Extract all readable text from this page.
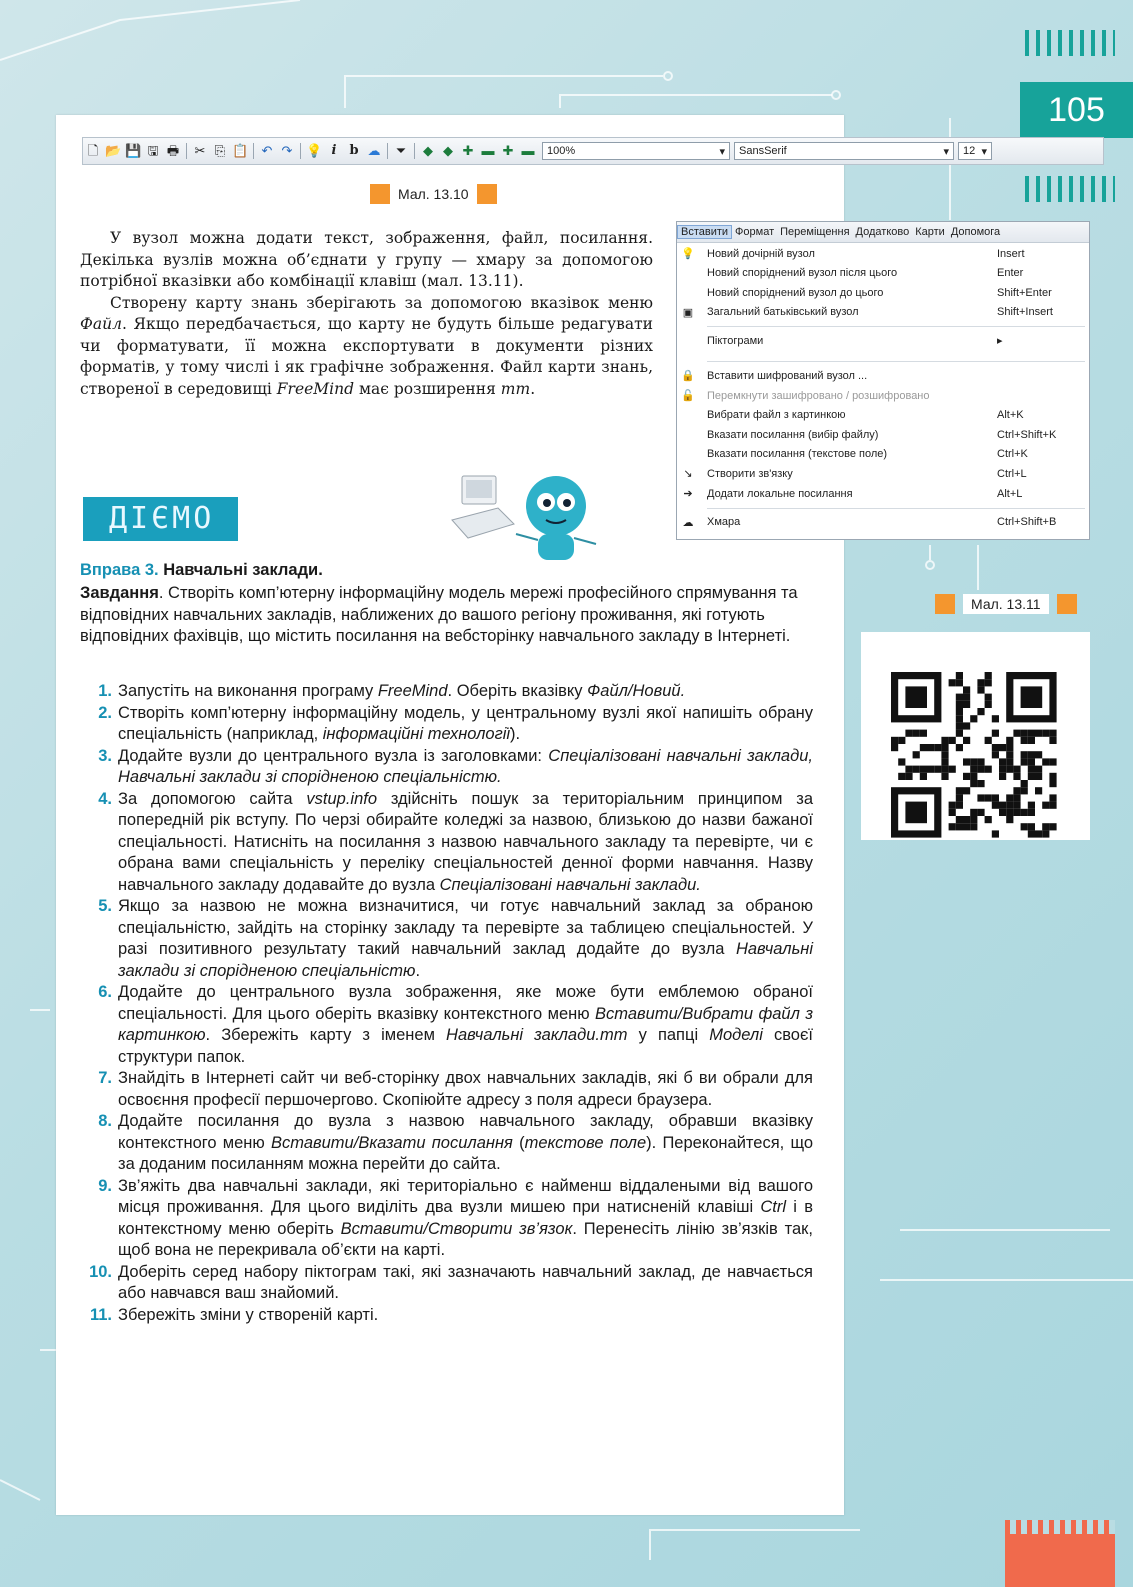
105
🗋 📂 💾 🖫 🖶 ✂ ⎘ 📋 ↶ ↷ 💡 i b ☁ ⏷ ◆ ◆ ✚ ▬ ✚ ▬ 100%	▾ SansSerif	▾ 12 ▾
Мал. 13.10

У вузол можна додати текст, зображення, файл, посилання. Декілька вузлів можна об’єднати у групу — хмару за допомогою потрібної вказівки або комбінації клавіш (мал. 13.11).

Створену карту знань зберігають за допомогою вказівок меню Файл. Якщо передбачається, що карту не будуть більше редагувати чи форматувати, її можна експортувати в документи різних форматів, у тому числі і як графічне зображення. Файл карти знань, створеної в середовищі FreeMind має розширення mm.

Вставити Формат Переміщення Додатково Карти Допомога
💡	Новий дочірній вузол	Insert
Новий споріднений вузол після цього	Enter
Новий споріднений вузол до цього	Shift+Enter
▣	Загальний батьківський вузол	Shift+Insert
Піктограми	▸
🔒	Вставити шифрований вузол ...
🔓	Перемкнути зашифровано / розшифровано
Вибрати файл з картинкою	Alt+K
Вказати посилання (вибір файлу)	Ctrl+Shift+K
Вказати посилання (текстове поле)	Ctrl+K
↘	Створити зв'язку	Ctrl+L
➔	Додати локальне посилання	Alt+L
☁	Хмара	Ctrl+Shift+B
ДІЄМО
Вправа 3. Навчальні заклади.
Завдання. Створіть комп’ютерну інформаційну модель мережі професійного спрямування та відповідних навчальних закладів, наближених до вашого регіону проживання, які готують відповідних фахівців, що містить посилання на вебсторінку навчального закладу в Інтернеті.
1. Запустіть на виконання програму FreeMind. Оберіть вказівку Файл/Новий.
2. Створіть комп’ютерну інформаційну модель, у центральному вузлі якої напишіть обрану спеціальність (наприклад, інформаційні технології).
3. Додайте вузли до центрального вузла із заголовками: Спеціалізовані навчальні заклади, Навчальні заклади зі спорідненою спеціальністю.
4. За допомогою сайта vstup.info здійсніть пошук за територіальним принципом за попередній рік вступу. По черзі обирайте коледжі за назвою, близькою до назви бажаної спеціальності. Натисніть на посилання з назвою навчального закладу та перевірте, чи є обрана вами спеціальність у переліку спеціальностей денної форми навчання. Назву навчального закладу додавайте до вузла Спеціалізовані навчальні заклади.
5. Якщо за назвою не можна визначитися, чи готує навчальний заклад за обраною спеціальністю, зайдіть на сторінку закладу та перевірте за таблицею спеціальностей. У разі позитивного результату такий навчальний заклад додайте до вузла Навчальні заклади зі спорідненою спеціальністю.
6. Додайте до центрального вузла зображення, яке може бути емблемою обраної спеціальності. Для цього оберіть вказівку контекстного меню Вставити/Вибрати файл з картинкою. Збережіть карту з іменем Навчальні заклади.mm у папці Моделі своєї структури папок.
7. Знайдіть в Інтернеті сайт чи веб-сторінку двох навчальних закладів, які б ви обрали для освоєння професії першочергово. Скопіюйте адресу з поля адреси браузера.
8. Додайте посилання до вузла з назвою навчального закладу, обравши вказівку контекстного меню Вставити/Вказати посилання (текстове поле). Переконайтеся, що за доданим посиланням можна перейти до сайта.
9. Зв’яжіть два навчальні заклади, які територіально є найменш віддалеными від вашого місця проживання. Для цього виділіть два вузли мишею при натисненій клавіші Ctrl і в контекстному меню оберіть Вставити/Створити зв’язок. Перенесіть лінію зв’язків так, щоб вона не перекривала об’єкти на карті.
10. Доберіть серед набору піктограм такі, які зазначають навчальний заклад, де навчається або навчався ваш знайомий.
11. Збережіть зміни у створеній карті.
Мал. 13.11
